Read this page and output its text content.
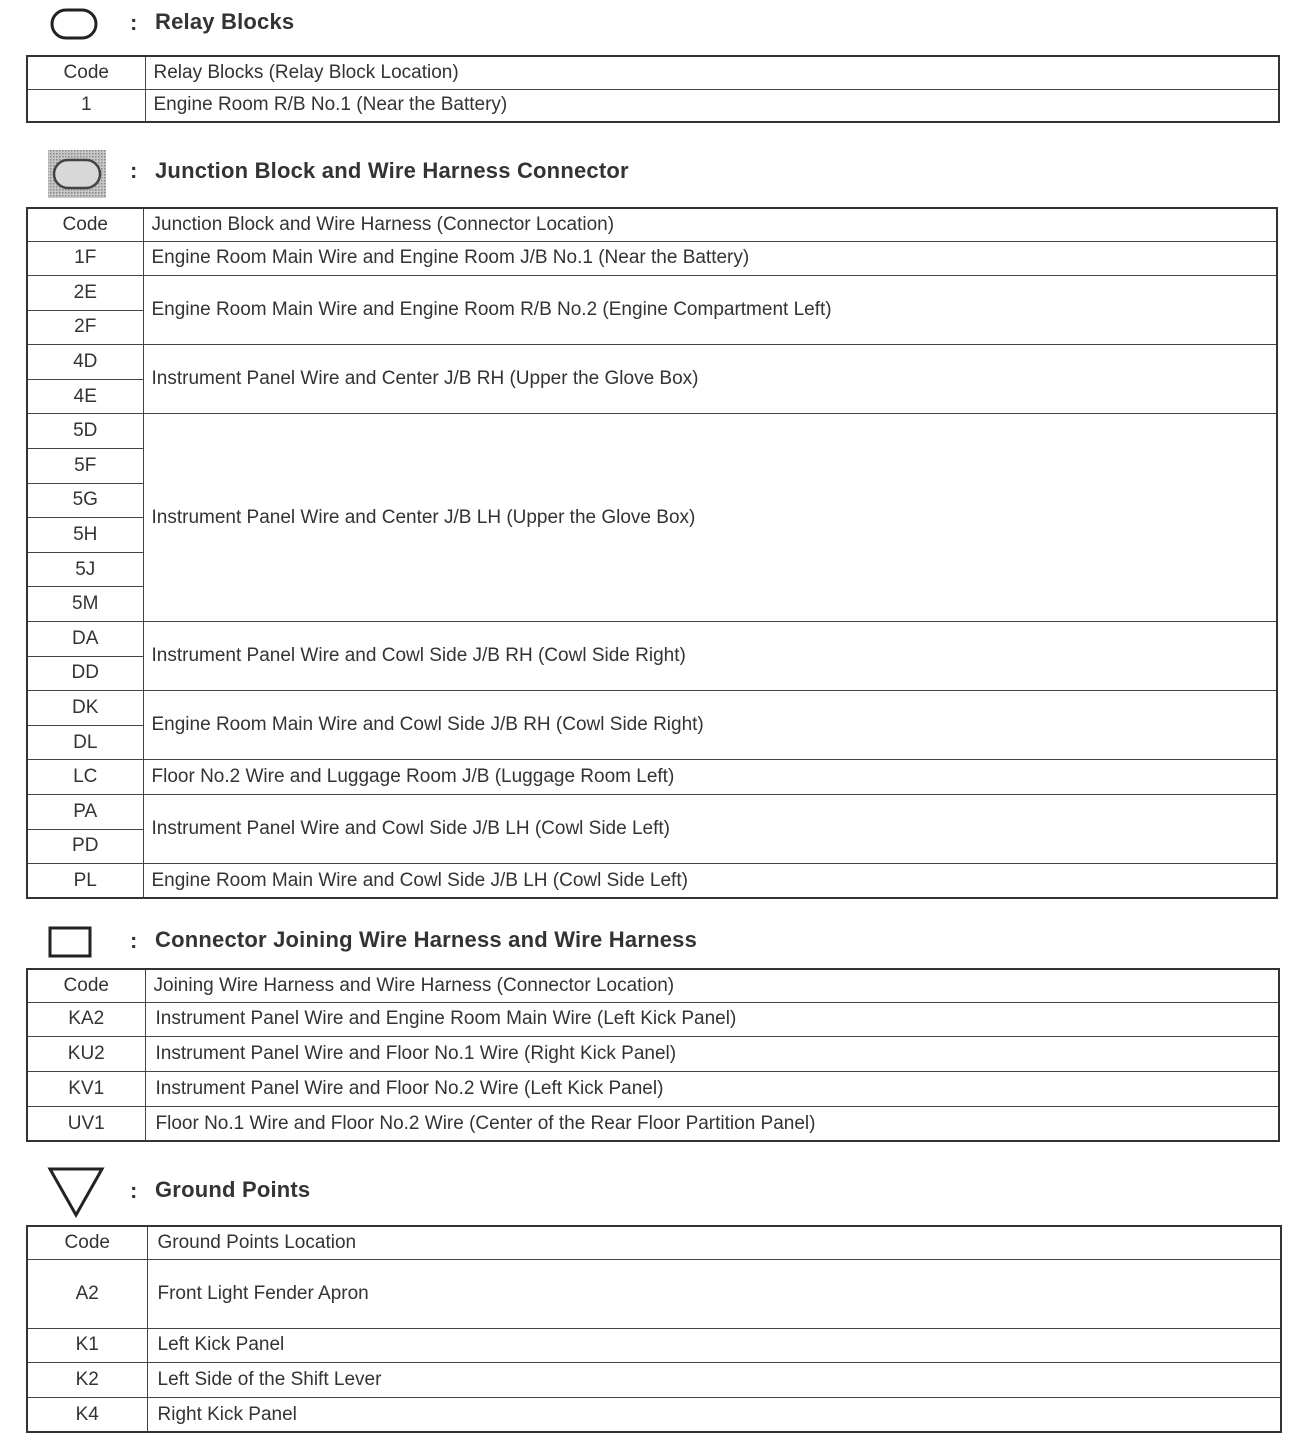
: Relay Blocks
Code	Relay Blocks (Relay Block Location)
1	Engine Room R/B No.1 (Near the Battery)
: Junction Block and Wire Harness Connector
Code	Junction Block and Wire Harness (Connector Location)
1F	Engine Room Main Wire and Engine Room J/B No.1 (Near the Battery)
2E	Engine Room Main Wire and Engine Room R/B No.2 (Engine Compartment Left)
2F	
4D	Instrument Panel Wire and Center J/B RH (Upper the Glove Box)
4E	
5D	Instrument Panel Wire and Center J/B LH (Upper the Glove Box)
5F	
5G	
5H	
5J	
5M	
DA	Instrument Panel Wire and Cowl Side J/B RH (Cowl Side Right)
DD	
DK	Engine Room Main Wire and Cowl Side J/B RH (Cowl Side Right)
DL	
LC	Floor No.2 Wire and Luggage Room J/B (Luggage Room Left)
PA	Instrument Panel Wire and Cowl Side J/B LH (Cowl Side Left)
PD	
PL	Engine Room Main Wire and Cowl Side J/B LH (Cowl Side Left)
: Connector Joining Wire Harness and Wire Harness
Code	Joining Wire Harness and Wire Harness (Connector Location)
KA2	Instrument Panel Wire and Engine Room Main Wire (Left Kick Panel)
KU2	Instrument Panel Wire and Floor No.1 Wire (Right Kick Panel)
KV1	Instrument Panel Wire and Floor No.2 Wire (Left Kick Panel)
UV1	Floor No.1 Wire and Floor No.2 Wire (Center of the Rear Floor Partition Panel)
: Ground Points
Code	Ground Points Location
A2	Front Light Fender Apron
K1	Left Kick Panel
K2	Left Side of the Shift Lever
K4	Right Kick Panel
